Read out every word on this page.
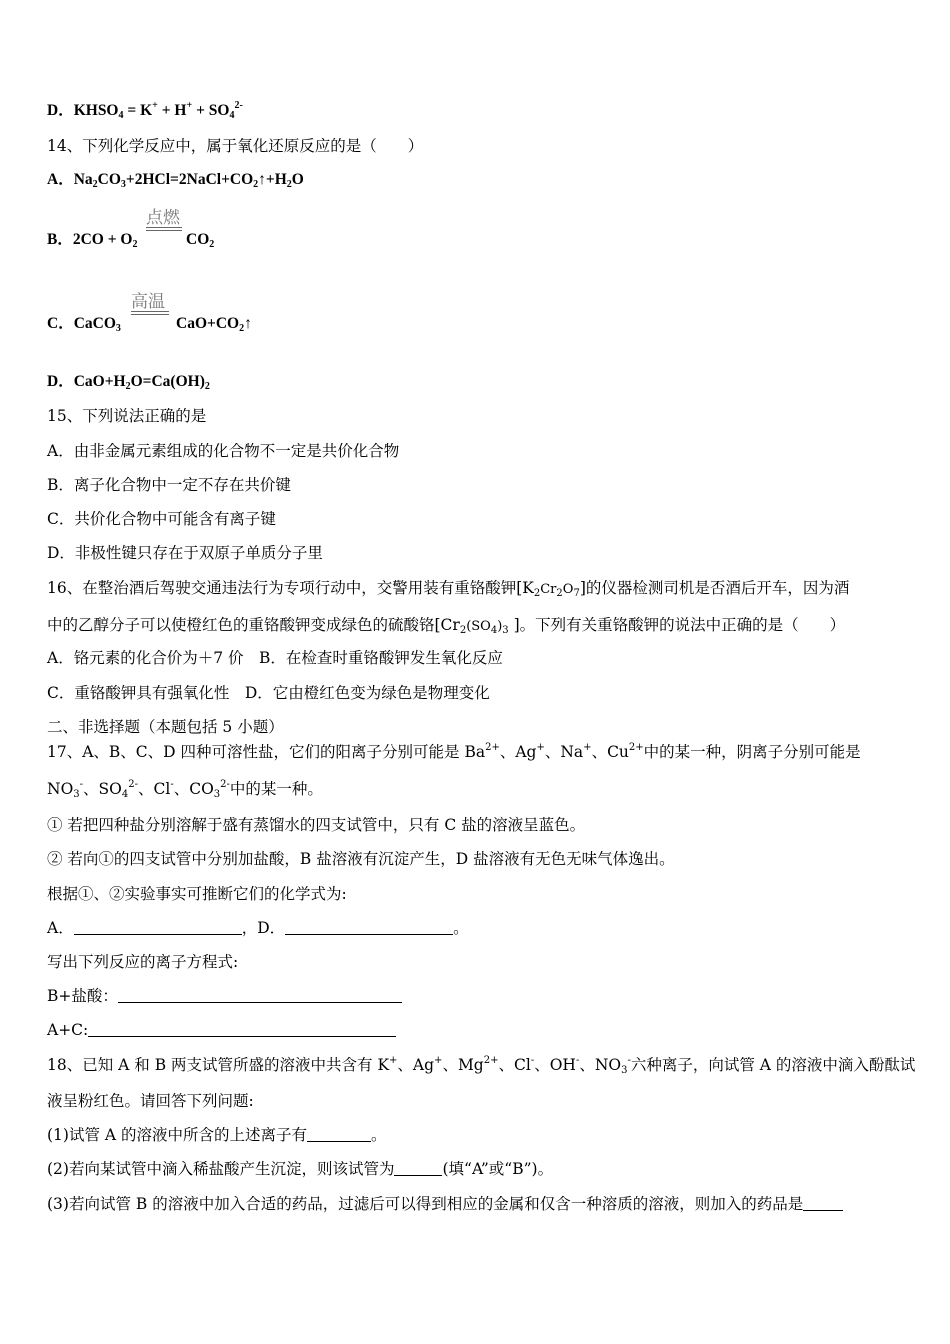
D．$KHSO_4 = K^+ + H^+ + SO_4^{2-}$
14、下列化学反应中，属于氧化还原反应的是（　　）
A．$Na_2CO_3+2HCl=2NaCl+CO_2↑+H_2O$
点燃
B．$2CO + O_2$	$CO_2$
高温
C．CaCO$_3$	$CaO+CO_2↑$
D．$CaO+H_2O=Ca(OH)_2$
15、下列说法正确的是
A．由非金属元素组成的化合物不一定是共价化合物
B．离子化合物中一定不存在共价键
C．共价化合物中可能含有离子键
D．非极性键只存在于双原子单质分子里
16、在整治酒后驾驶交通违法行为专项行动中，交警用装有重铬酸钾$[K_2Cr_2O_7]$的仪器检测司机是否酒后开车，因为酒
中的乙醇分子可以使橙红色的重铬酸钾变成绿色的硫酸铬[$Cr_2(SO_4)_3$ ]。下列有关重铬酸钾的说法中正确的是（　　）
A．铬元素的化合价为＋7 价　B．在检查时重铬酸钾发生氧化反应
C．重铬酸钾具有强氧化性　D．它由橙红色变为绿色是物理变化
二、非选择题（本题包括 5 小题）
17、A、B、C、D 四种可溶性盐，它们的阳离子分别可能是 $Ba^{2+}$、Ag+、Na+、$Cu^{2+}$中的某一种，阴离子分别可能是
$NO_3^-$、$SO_4^{2-}$、Cl-、$CO_3^{2-}$中的某一种。
① 若把四种盐分别溶解于盛有蒸馏水的四支试管中，只有 C 盐的溶液呈蓝色。
② 若向①的四支试管中分别加盐酸，B 盐溶液有沉淀产生，D 盐溶液有无色无味气体逸出。
根据①、②实验事实可推断它们的化学式为:
A．	，D．	。
写出下列反应的离子方程式:
B+盐酸：
A+C:
18、已知 A 和 B 两支试管所盛的溶液中共含有 K+、Ag+、$Mg^{2+}$、Cl-、OH-、$NO_3^-$六种离子，向试管 A 的溶液中滴入酚酞试
液呈粉红色。请回答下列问题:
(1)试管 A 的溶液中所含的上述离子有	。
(2)若向某试管中滴入稀盐酸产生沉淀，则该试管为	(填“A”或“B”)。
(3)若向试管 B 的溶液中加入合适的药品，过滤后可以得到相应的金属和仅含一种溶质的溶液，则加入的药品是
